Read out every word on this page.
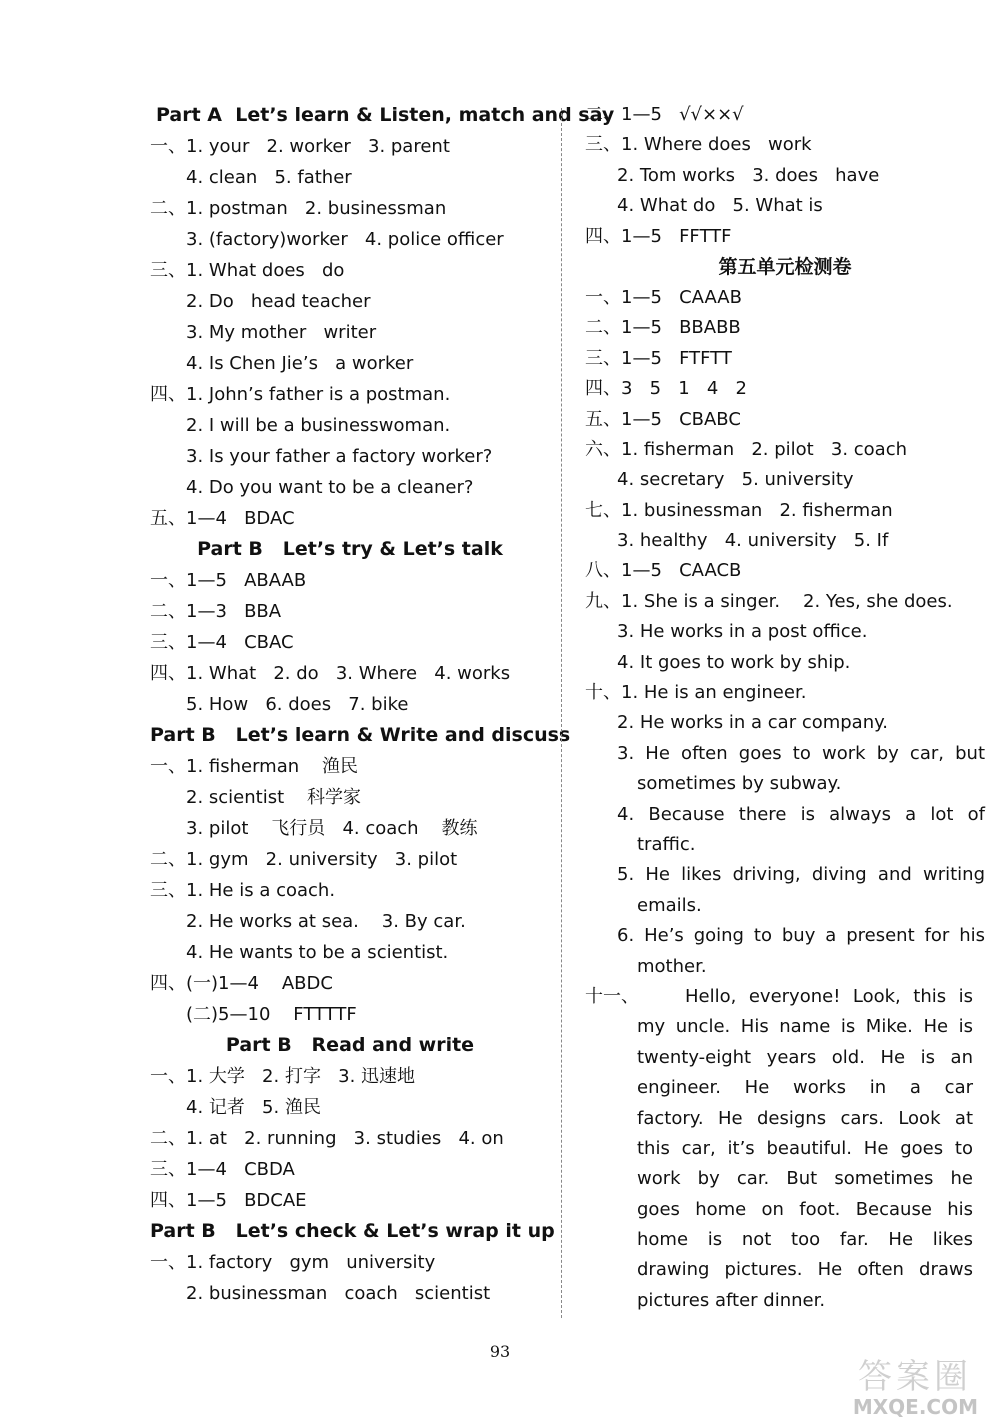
Part A  Let’s learn & Listen, match and say
一、1. your   2. worker   3. parent
4. clean   5. father
二、1. postman   2. businessman
3. (factory)worker   4. police officer
三、1. What does   do
2. Do   head teacher
3. My mother   writer
4. Is Chen Jie’s   a worker
四、1. John’s father is a postman.
2. I will be a businesswoman.
3. Is your father a factory worker?
4. Do you want to be a cleaner?
五、1—4   BDAC
Part B   Let’s try & Let’s talk
一、1—5   ABAAB
二、1—3   BBA
三、1—4   CBAC
四、1. What   2. do   3. Where   4. works
5. How   6. does   7. bike
Part B   Let’s learn & Write and discuss
一、1. fisherman    渔民
2. scientist    科学家
3. pilot    飞行员   4. coach    教练
二、1. gym   2. university   3. pilot
三、1. He is a coach.
2. He works at sea.    3. By car.
4. He wants to be a scientist.
四、(一)1—4    ABDC
(二)5—10    FTTTTF
Part B   Read and write
一、1. 大学   2. 打字   3. 迅速地
4. 记者   5. 渔民
二、1. at   2. running   3. studies   4. on
三、1—4   CBDA
四、1—5   BDCAE
Part B   Let’s check & Let’s wrap it up
一、1. factory   gym   university
2. businessman   coach   scientist
二、1—5   √√××√
三、1. Where does   work
2. Tom works   3. does   have
4. What do   5. What is
四、1—5   FFTTF
第五单元检测卷
一、1—5   CAAAB
二、1—5   BBABB
三、1—5   FTFTT
四、3   5   1   4   2
五、1—5   CBABC
六、1. fisherman   2. pilot   3. coach
4. secretary   5. university
七、1. businessman   2. fisherman
3. healthy   4. university   5. If
八、1—5   CAACB
九、1. She is a singer.    2. Yes, she does.
3. He works in a post office.
4. It goes to work by ship.
十、1. He is an engineer.
2. He works in a car company.
3. He often goes to work by car, but
sometimes by subway.
4. Because there is always a lot of
traffic.
5. He likes driving, diving and writing
emails.
6. He’s going to buy a present for his
mother.
十一、	Hello, everyone! Look, this is
my uncle. His name is Mike. He is
twenty-eight years old. He is an
engineer. He works in a car
factory. He designs cars. Look at
this car, it’s beautiful. He goes to
work by car. But sometimes he
goes home on foot. Because his
home is not too far. He likes
drawing pictures. He often draws
pictures after dinner.
93
答案圈
MXQE.COM
